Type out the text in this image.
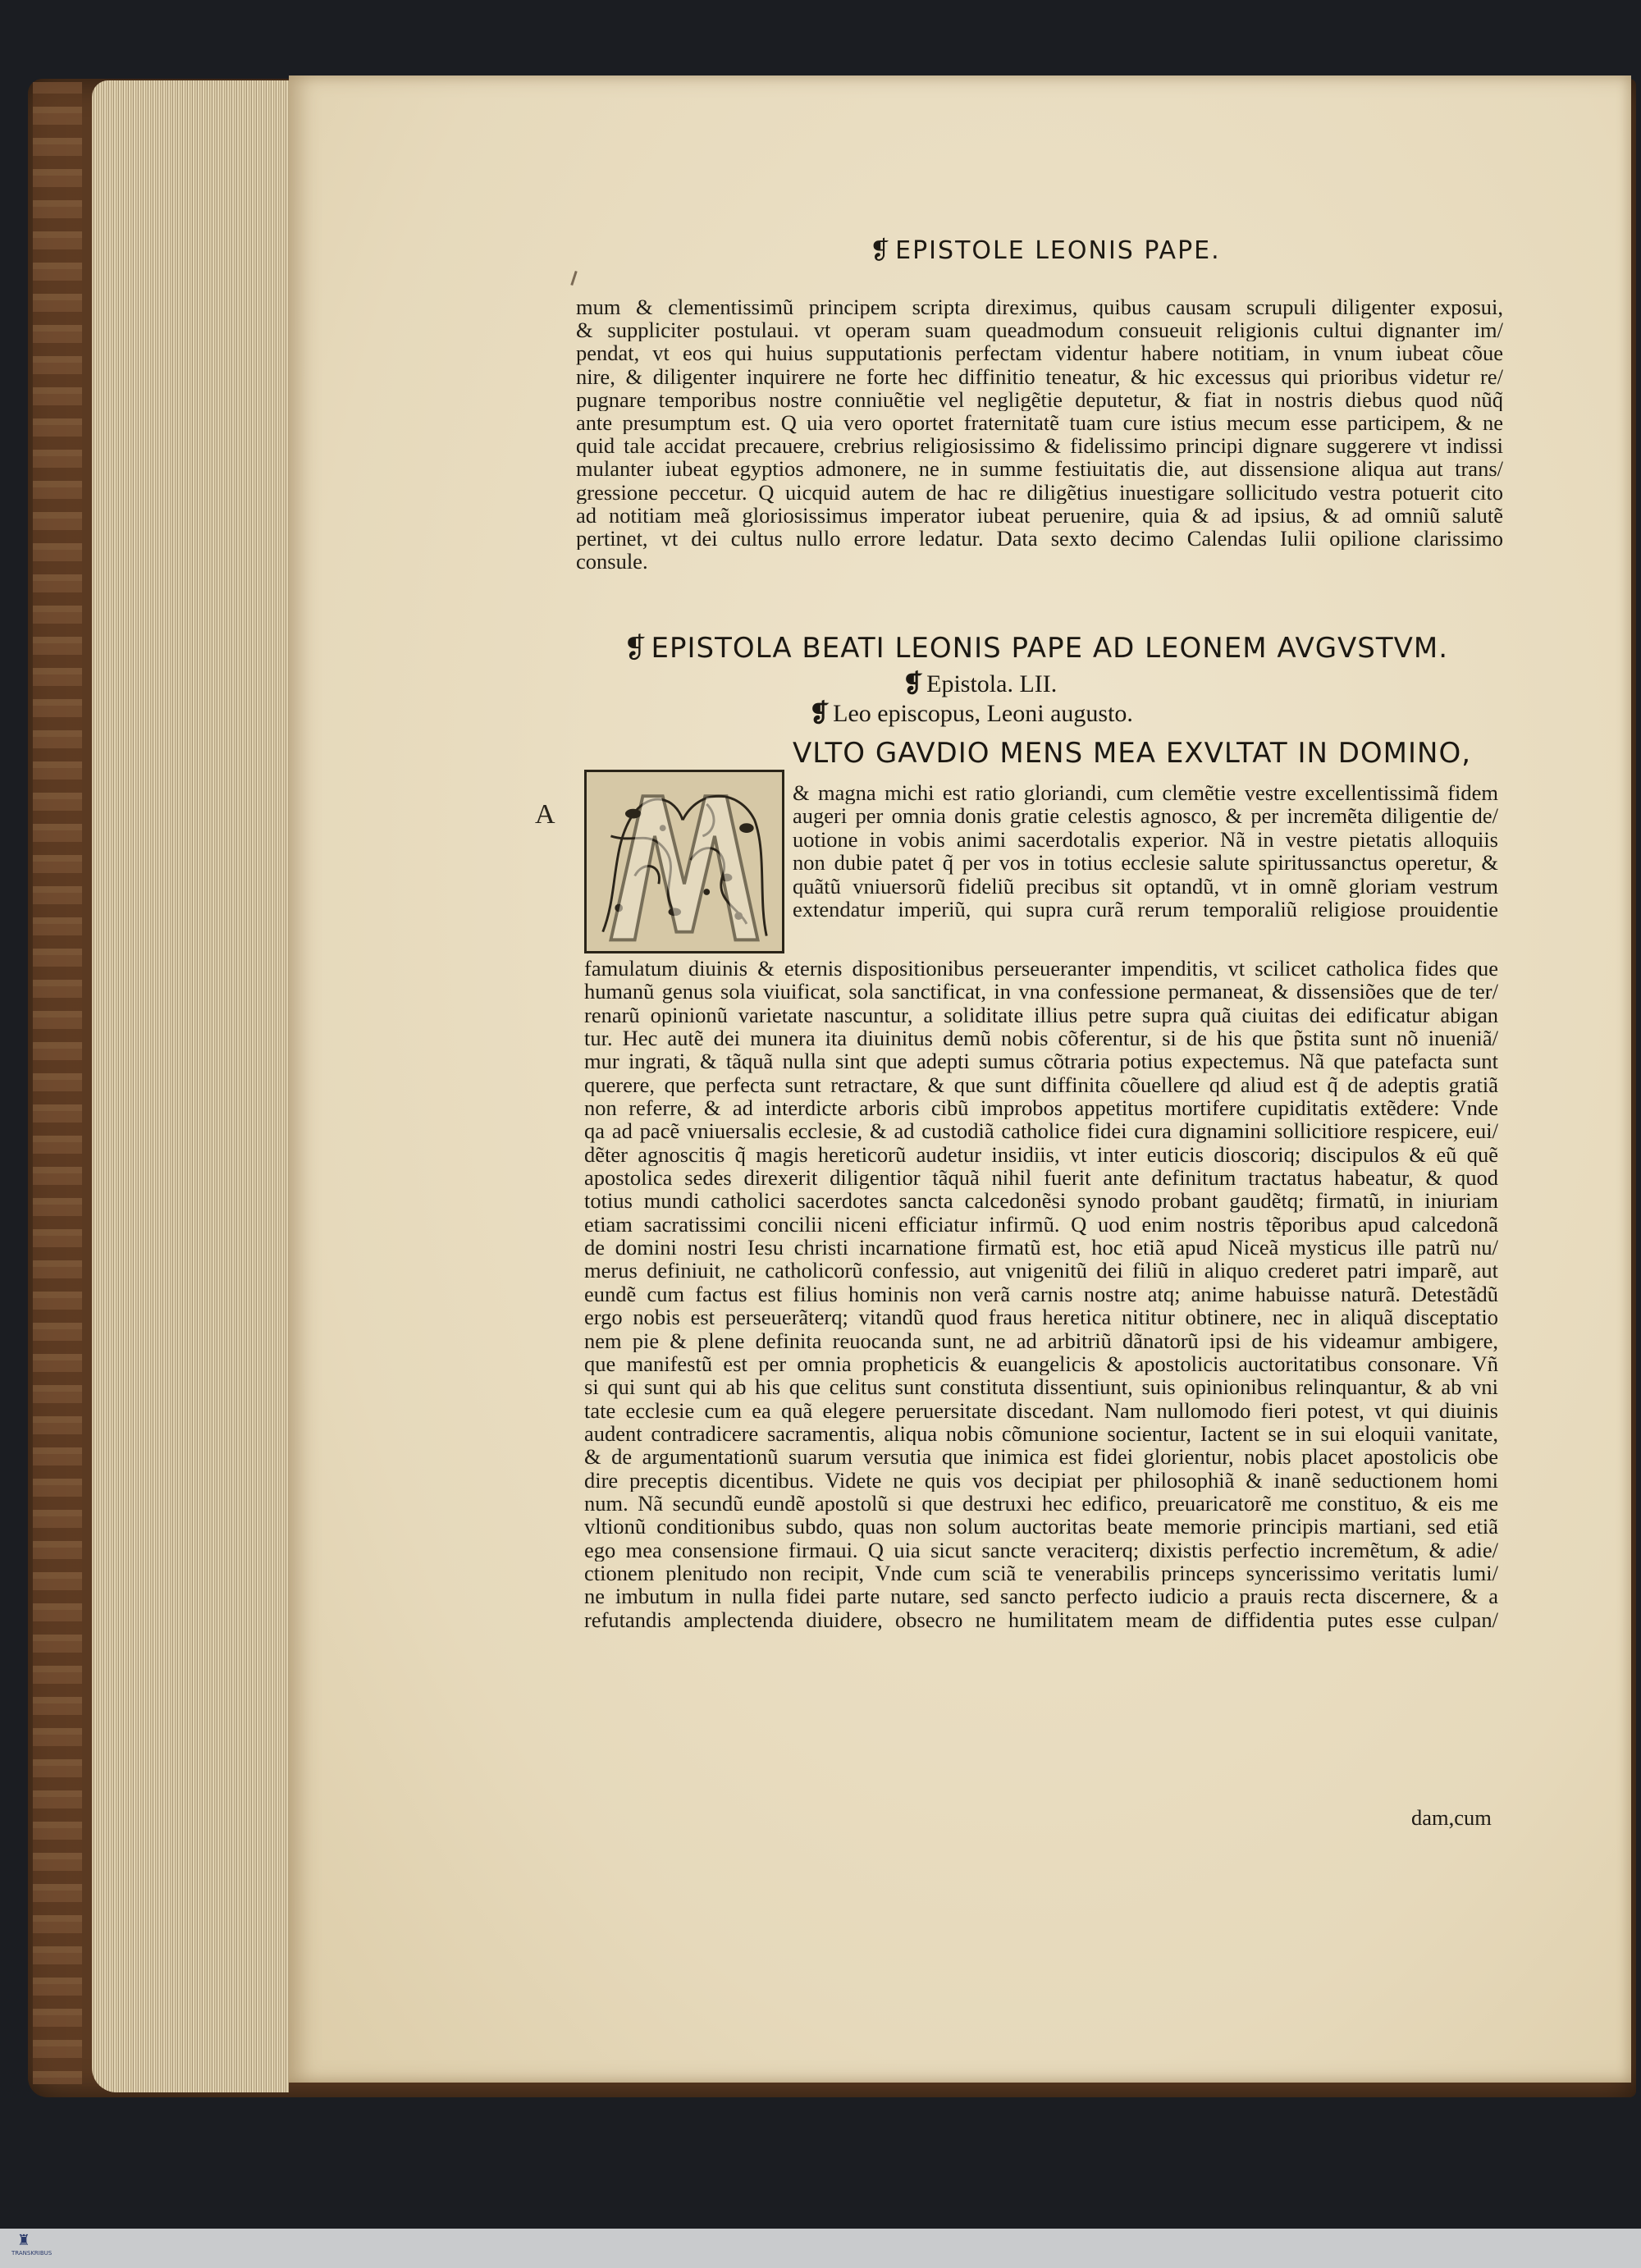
❡ EPISTOLE LEONIS PAPE.
mum & clementissimũ principem scripta direximus, quibus causam scrupuli diligenter exposui,
& suppliciter postulaui. vt operam suam queadmodum consueuit religionis cultui dignanter im/
pendat, vt eos qui huius supputationis perfectam videntur habere notitiam, in vnum iubeat cõue
nire, & diligenter inquirere ne forte hec diffinitio teneatur, & hic excessus qui prioribus videtur re/
pugnare temporibus nostre conniuẽtie vel negligẽtie deputetur, & fiat in nostris diebus quod nũq̃
ante presumptum est. Q uia vero oportet fraternitatẽ tuam cure istius mecum esse participem, & ne
quid tale accidat precauere, crebrius religiosissimo & fidelissimo principi dignare suggerere vt indissi
mulanter iubeat egyptios admonere, ne in summe festiuitatis die, aut dissensione aliqua aut trans/
gressione peccetur. Q uicquid autem de hac re diligẽtius inuestigare sollicitudo vestra potuerit cito
ad notitiam meã gloriosissimus imperator iubeat peruenire, quia & ad ipsius, & ad omniũ salutẽ
pertinet, vt dei cultus nullo errore ledatur. Data sexto decimo Calendas Iulii opilione clarissimo
consule.
A
❡ EPISTOLA BEATI LEONIS PAPE AD LEONEM AVGVSTVM.
❡ Epistola. LII.
❡ Leo episcopus, Leoni augusto.
M
VLTO GAVDIO MENS MEA EXVLTAT IN DOMINO,
& magna michi est ratio gloriandi, cum clemẽtie vestre excellentissimã fidem
augeri per omnia donis gratie celestis agnosco, & per incremẽta diligentie de/
uotione in vobis animi sacerdotalis experior. Nã in vestre pietatis alloquiis
non dubie patet q̃ per vos in totius ecclesie salute spiritussanctus operetur, &
quãtũ vniuersorũ fideliũ precibus sit optandũ, vt in omnẽ gloriam vestrum
extendatur imperiũ, qui supra curã rerum temporaliũ religiose prouidentie
famulatum diuinis & eternis dispositionibus perseueranter impenditis, vt scilicet catholica fides que
humanũ genus sola viuificat, sola sanctificat, in vna confessione permaneat, & dissensiões que de ter/
renarũ opinionũ varietate nascuntur, a soliditate illius petre supra quã ciuitas dei edificatur abigan
tur. Hec autẽ dei munera ita diuinitus demũ nobis cõferentur, si de his que p̃stita sunt nõ inueniã/
mur ingrati, & tãquã nulla sint que adepti sumus cõtraria potius expectemus. Nã que patefacta sunt
querere, que perfecta sunt retractare, & que sunt diffinita cõuellere qd aliud est q̃ de adeptis gratiã
non referre, & ad interdicte arboris cibũ improbos appetitus mortifere cupiditatis extẽdere: Vnde
qa ad pacẽ vniuersalis ecclesie, & ad custodiã catholice fidei cura dignamini sollicitiore respicere, eui/
dẽter agnoscitis q̃ magis hereticorũ audetur insidiis, vt inter euticis dioscoriq; discipulos & eũ quẽ
apostolica sedes direxerit diligentior tãquã nihil fuerit ante definitum tractatus habeatur, & quod
totius mundi catholici sacerdotes sancta calcedonẽsi synodo probant gaudẽtq; firmatũ, in iniuriam
etiam sacratissimi concilii niceni efficiatur infirmũ. Q uod enim nostris tẽporibus apud calcedonã
de domini nostri Iesu christi incarnatione firmatũ est, hoc etiã apud Niceã mysticus ille patrũ nu/
merus definiuit, ne catholicorũ confessio, aut vnigenitũ dei filiũ in aliquo crederet patri imparẽ, aut
eundẽ cum factus est filius hominis non verã carnis nostre atq; anime habuisse naturã. Detestãdũ
ergo nobis est perseuerãterq; vitandũ quod fraus heretica nititur obtinere, nec in aliquã disceptatio
nem pie & plene definita reuocanda sunt, ne ad arbitriũ dãnatorũ ipsi de his videamur ambigere,
que manifestũ est per omnia propheticis & euangelicis & apostolicis auctoritatibus consonare. Vñ
si qui sunt qui ab his que celitus sunt constituta dissentiunt, suis opinionibus relinquantur, & ab vni
tate ecclesie cum ea quã elegere peruersitate discedant. Nam nullomodo fieri potest, vt qui diuinis
audent contradicere sacramentis, aliqua nobis cõmunione socientur, Iactent se in sui eloquii vanitate,
& de argumentationũ suarum versutia que inimica est fidei glorientur, nobis placet apostolicis obe
dire preceptis dicentibus. Videte ne quis vos decipiat per philosophiã & inanẽ seductionem homi
num. Nã secundũ eundẽ apostolũ si que destruxi hec edifico, preuaricatorẽ me constituo, & eis me
vltionũ conditionibus subdo, quas non solum auctoritas beate memorie principis martiani, sed etiã
ego mea consensione firmaui. Q uia sicut sancte veraciterq; dixistis perfectio incremẽtum, & adie/
ctionem plenitudo non recipit, Vnde cum sciã te venerabilis princeps syncerissimo veritatis lumi/
ne imbutum in nulla fidei parte nutare, sed sancto perfecto iudicio a prauis recta discernere, & a
refutandis amplectenda diuidere, obsecro ne humilitatem meam de diffidentia putes esse culpan/
dam,cum
♜
TRANSKRIBUS
